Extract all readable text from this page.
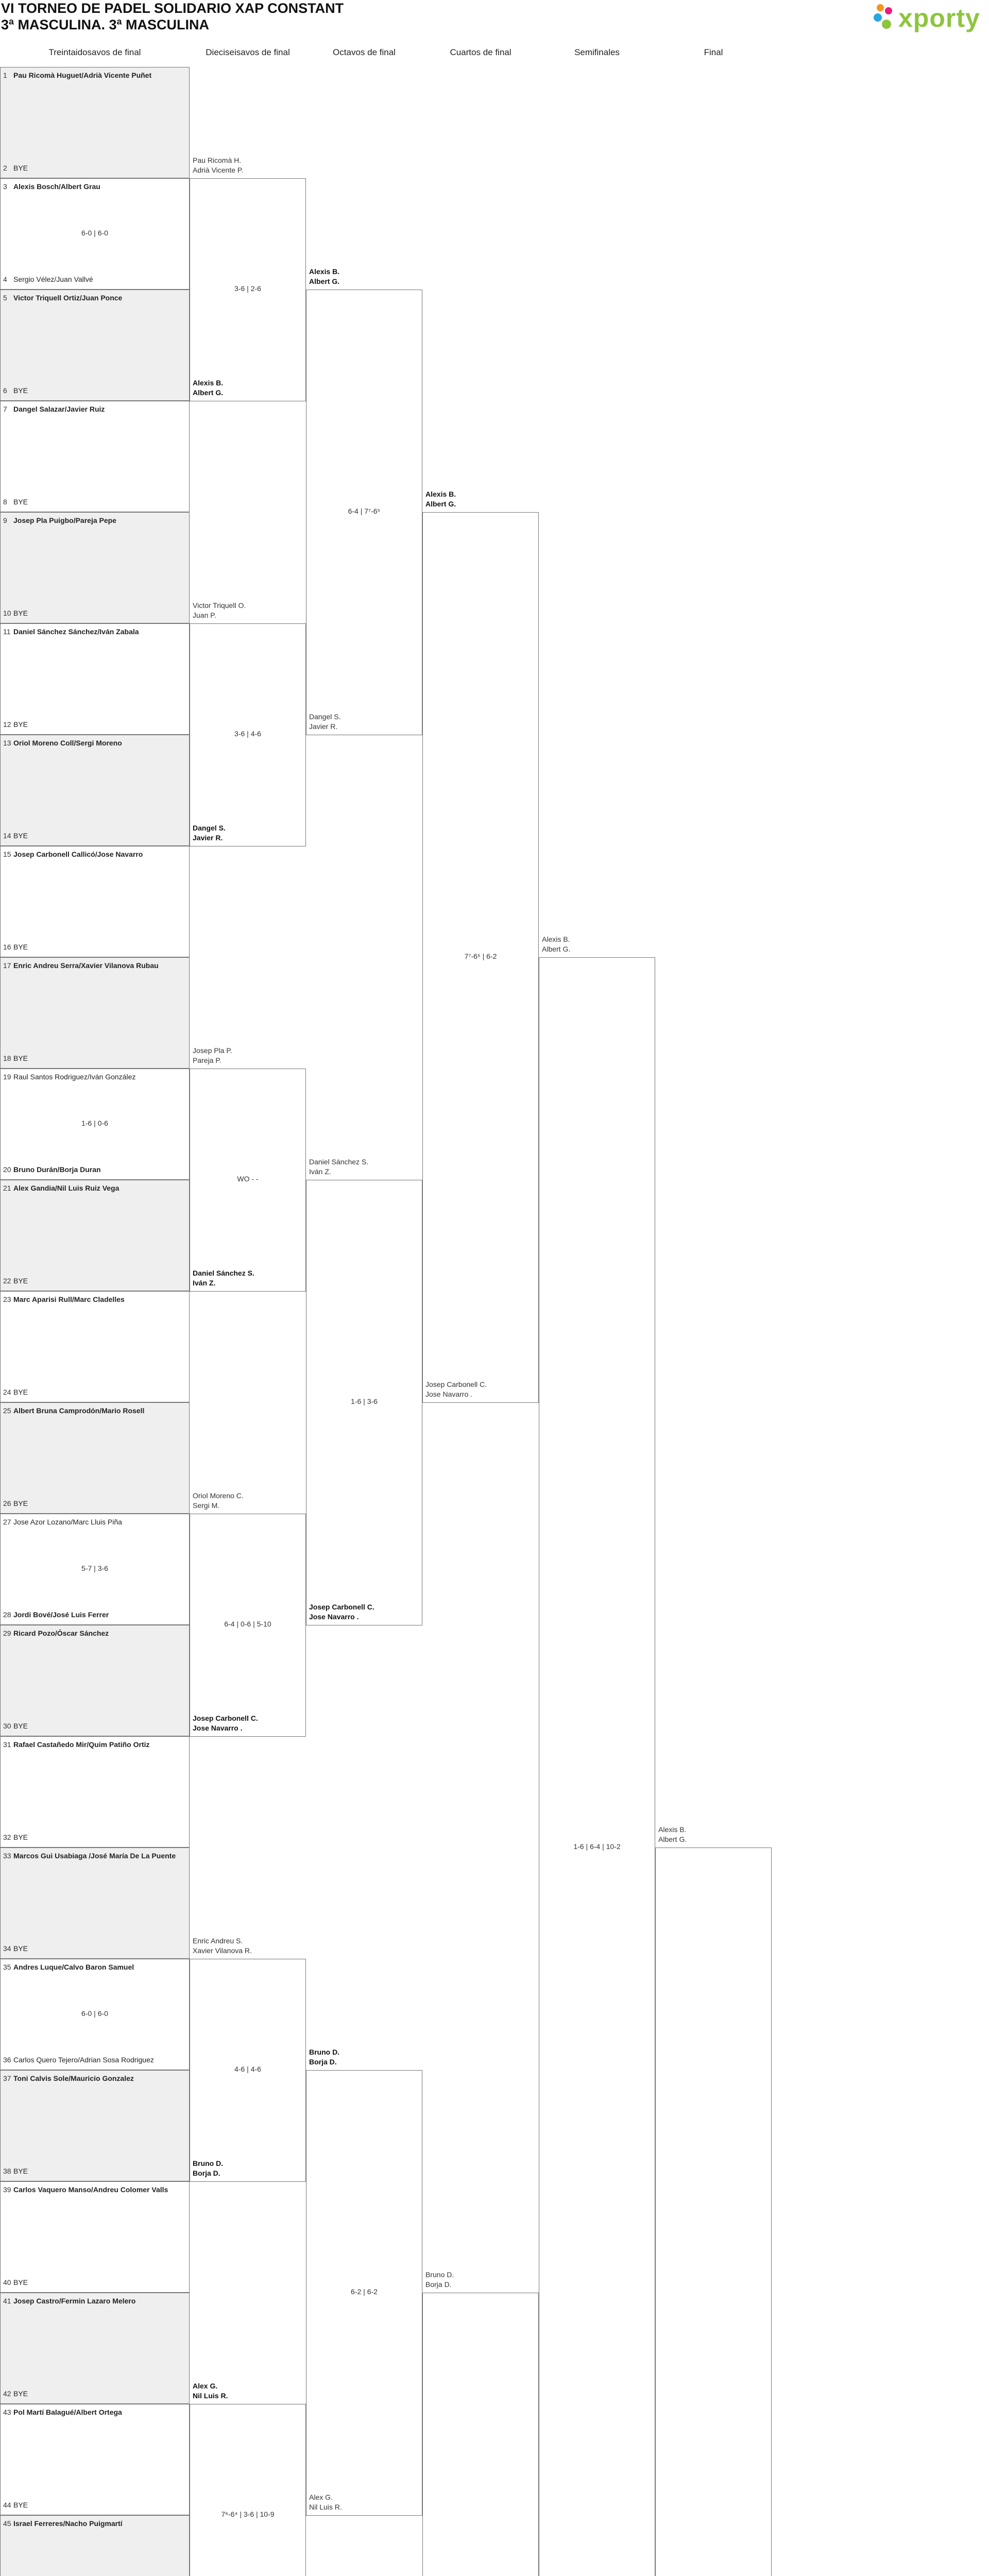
VI TORNEO DE PADEL SOLIDARIO XAP CONSTANT
3ª MASCULINA. 3ª MASCULINA	xporty
Treintaidosavos de final	Dieciseisavos de final	Octavos de final	Cuartos de final	Semifinales	Final
1 Pau Ricomà Huguet/Adrià Vicente Puñet
2 BYE
3 Alexis Bosch/Albert Grau
4 Sergio Vélez/Juan Vallvé
6-0 | 6-0
5 Victor Triquell Ortiz/Juan Ponce
6 BYE
7 Dangel Salazar/Javier Ruiz
8 BYE
9 Josep Pla Puigbo/Pareja Pepe
10 BYE
11 Daniel Sánchez Sánchez/Iván Zabala
12 BYE
13 Oriol Moreno Coll/Sergi Moreno
14 BYE
15 Josep Carbonell Callicó/Jose Navarro
16 BYE
17 Enric Andreu Serra/Xavier Vilanova Rubau
18 BYE
19 Raul Santos Rodriguez/Iván González
20 Bruno Durán/Borja Duran
1-6 | 0-6
21 Alex Gandia/Nil Luis Ruiz Vega
22 BYE
23 Marc Aparisi Rull/Marc Cladelles
24 BYE
25 Albert Bruna Camprodón/Mario Rosell
26 BYE
27 Jose Azor Lozano/Marc Lluis Piña
28 Jordi Bové/José Luis Ferrer
5-7 | 3-6
29 Ricard Pozo/Óscar Sánchez
30 BYE
31 Rafael Castañedo Mir/Quim Patiño Ortiz
32 BYE
33 Marcos Gui Usabiaga /José María De La Puente
34 BYE
35 Andres Luque/Calvo Baron Samuel
36 Carlos Quero Tejero/Adrian Sosa Rodriguez
6-0 | 6-0
37 Toni Calvis Sole/Mauricio Gonzalez
38 BYE
39 Carlos Vaquero Manso/Andreu Colomer Valls
40 BYE
41 Josep Castro/Fermin Lazaro Melero
42 BYE
43 Pol Martí Balagué/Albert Ortega
44 BYE
45 Israel Ferreres/Nacho Puigmartí
Pau Ricomà H.
Adrià Vicente P.
Alexis B.
Albert G.
3-6 | 2-6
Victor Triquell O.
Juan P.
Dangel S.
Javier R.
3-6 | 4-6
Josep Pla P.
Pareja P.
Daniel Sánchez S.
Iván Z.
WO - -
Oriol Moreno C.
Sergi M.
Josep Carbonell C.
Jose Navarro .
6-4 | 0-6 | 5-10
Enric Andreu S.
Xavier Vilanova R.
Bruno D.
Borja D.
4-6 | 4-6
Alex G.
Nil Luis R.
7⁶-6⁴ | 3-6 | 10-9
Alexis B.
Albert G.
Dangel S.
Javier R.
6-4 | 7⁷-6⁵
Daniel Sánchez S.
Iván Z.
Josep Carbonell C.
Jose Navarro .
1-6 | 3-6
Bruno D.
Borja D.
Alex G.
Nil Luis R.
6-2 | 6-2
Alexis B.
Albert G.
Josep Carbonell C.
Jose Navarro .
7⁷-6⁵ | 6-2
Bruno D.
Borja D.
Alexis B.
Albert G.
1-6 | 6-4 | 10-2
Alexis B.
Albert G.
